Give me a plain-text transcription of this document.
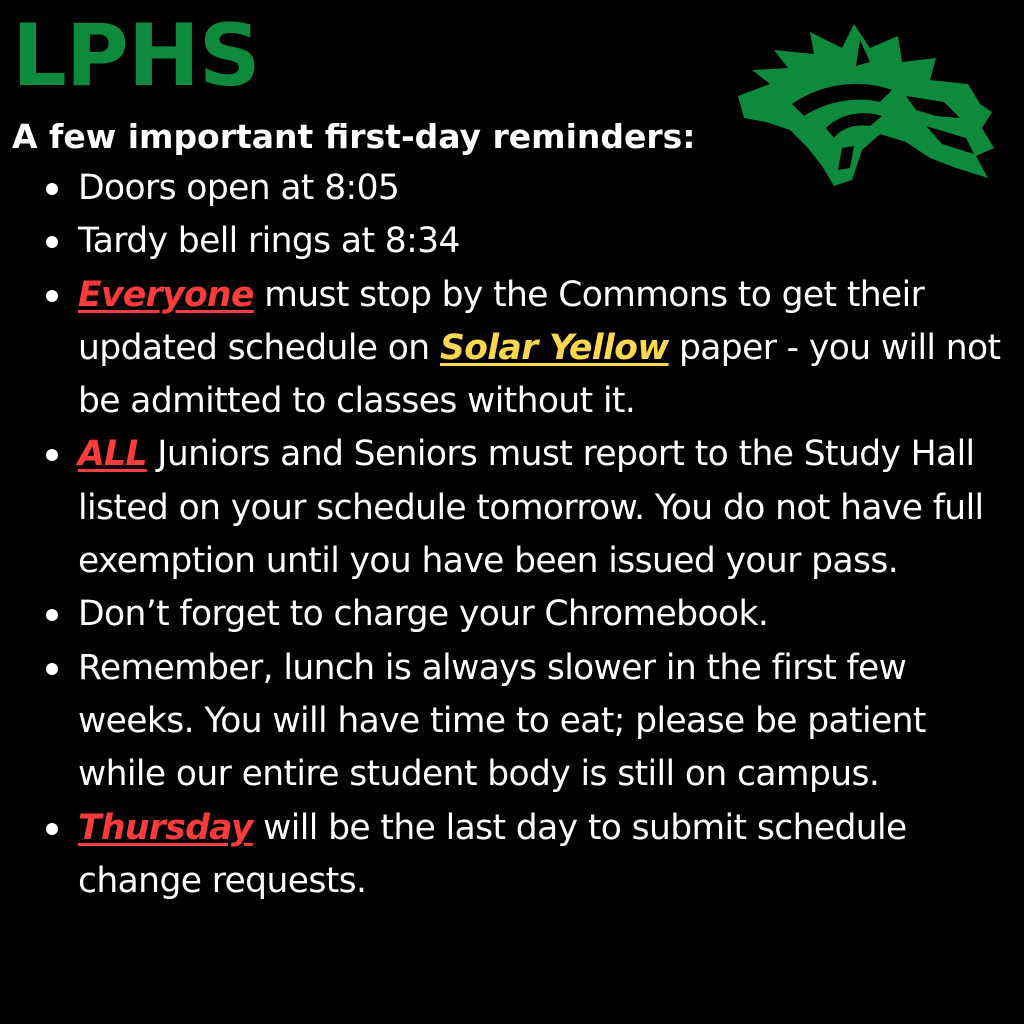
LPHS
A few important first-day reminders:
Doors open at 8:05
Tardy bell rings at 8:34
Everyone must stop by the Commons to get their updated schedule on Solar Yellow paper - you will not be admitted to classes without it.
ALL Juniors and Seniors must report to the Study Hall listed on your schedule tomorrow. You do not have full exemption until you have been issued your pass.
Don’t forget to charge your Chromebook.
Remember, lunch is always slower in the first few weeks. You will have time to eat; please be patient while our entire student body is still on campus.
Thursday will be the last day to submit schedule change requests.
